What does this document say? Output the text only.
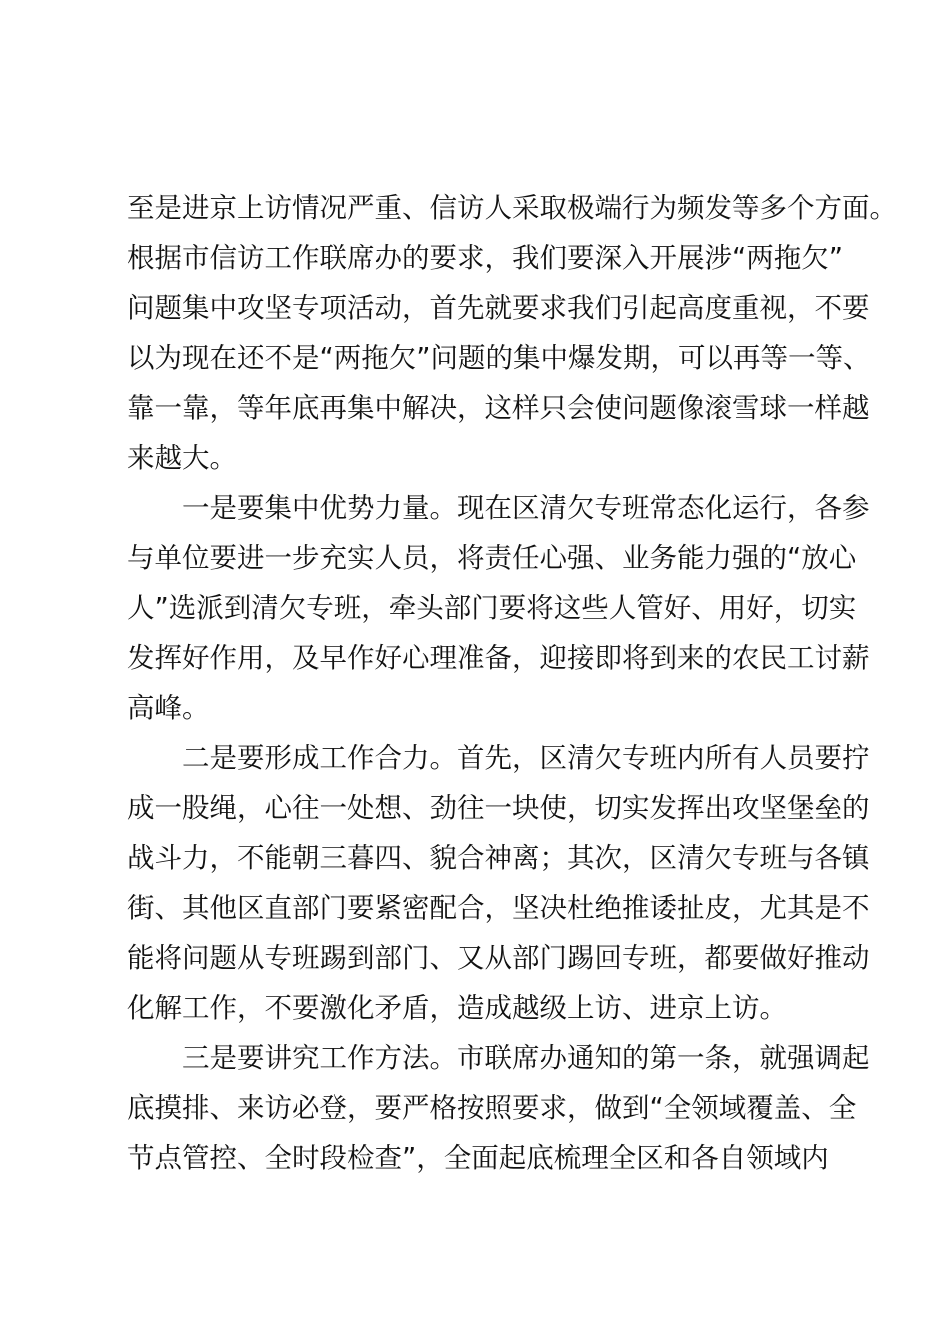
至是进京上访情况严重、信访人采取极端行为频发等多个方面。
根据市信访工作联席办的要求，我们要深入开展涉“两拖欠”
问题集中攻坚专项活动，首先就要求我们引起高度重视，不要
以为现在还不是“两拖欠”问题的集中爆发期，可以再等一等、
靠一靠，等年底再集中解决，这样只会使问题像滚雪球一样越
来越大。
　　一是要集中优势力量。现在区清欠专班常态化运行，各参
与单位要进一步充实人员，将责任心强、业务能力强的“放心
人”选派到清欠专班，牵头部门要将这些人管好、用好，切实
发挥好作用，及早作好心理准备，迎接即将到来的农民工讨薪
高峰。
　　二是要形成工作合力。首先，区清欠专班内所有人员要拧
成一股绳，心往一处想、劲往一块使，切实发挥出攻坚堡垒的
战斗力，不能朝三暮四、貌合神离；其次，区清欠专班与各镇
街、其他区直部门要紧密配合，坚决杜绝推诿扯皮，尤其是不
能将问题从专班踢到部门、又从部门踢回专班，都要做好推动
化解工作，不要激化矛盾，造成越级上访、进京上访。
　　三是要讲究工作方法。市联席办通知的第一条，就强调起
底摸排、来访必登，要严格按照要求，做到“全领域覆盖、全
节点管控、全时段检查”，全面起底梳理全区和各自领域内
